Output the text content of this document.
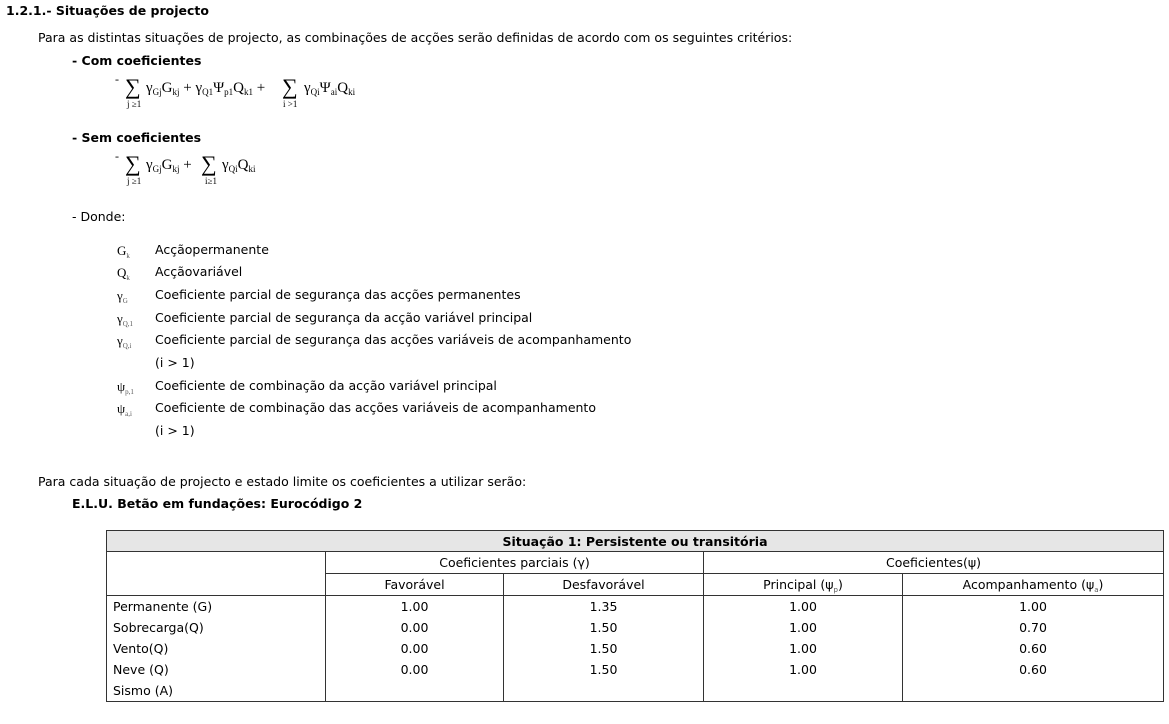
1.2.1.- Situações de projecto
Para as distintas situações de projecto, as combinações de acções serão definidas de acordo com os seguintes critérios:
- Com coeficientes
- ∑
j ≥1
$\gamma_{Gj}G_{kj} + \gamma_{Q1}\Psi_{p1}Q_{k1}$ + ∑
i >1
$\gamma_{Qi}\Psi_{ai}Q_{ki}$
- Sem coeficientes
- ∑
j ≥1
$\gamma_{Gj}G_{kj}$ + ∑
i≥1
$\gamma_{Qi}Q_{ki}$
- Donde:
$G_k$ Acçãopermanente
$Q_k$ Acçãovariável
$\gamma_G$ Coeficiente parcial de segurança das acções permanentes
$\gamma_{Q,1}$ Coeficiente parcial de segurança da acção variável principal
$\gamma_{Q,i}$ Coeficiente parcial de segurança das acções variáveis de acompanhamento
(i > 1)
$\psi_{p,1}$ Coeficiente de combinação da acção variável principal
$\psi_{a,i}$ Coeficiente de combinação das acções variáveis de acompanhamento
(i > 1)
Para cada situação de projecto e estado limite os coeficientes a utilizar serão:
E.L.U. Betão em fundações: Eurocódigo 2
Situação 1: Persistente ou transitória				
	Coeficientes parciais (γ)		Coeficientes(ψ)	
	Favorável	Desfavorável	Principal $(\psi_p)$	Acompanhamento $(\psi_a)$
Permanente (G)	1.00	1.35	1.00	1.00
Sobrecarga(Q)	0.00	1.50	1.00	0.70
Vento(Q)	0.00	1.50	1.00	0.60
Neve (Q)	0.00	1.50	1.00	0.60
Sismo (A)				
